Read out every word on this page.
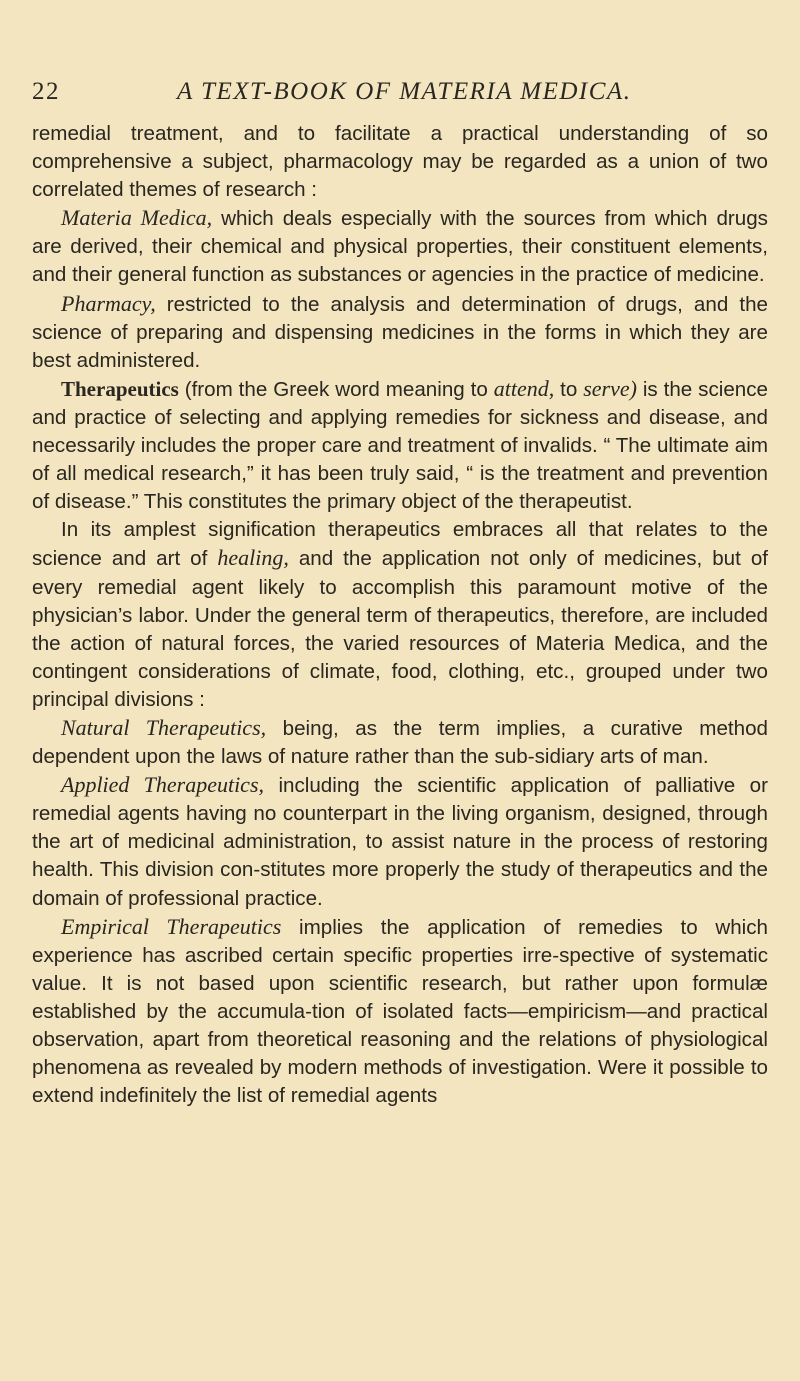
22	A TEXT-BOOK OF MATERIA MEDICA.

remedial treatment, and to facilitate a practical understanding of so comprehensive a subject, pharmacology may be regarded as a union of two correlated themes of research :

Materia Medica, which deals especially with the sources from which drugs are derived, their chemical and physical properties, their constituent elements, and their general function as substances or agencies in the practice of medicine.

Pharmacy, restricted to the analysis and determination of drugs, and the science of preparing and dispensing medicines in the forms in which they are best administered.

Therapeutics (from the Greek word meaning to attend, to serve) is the science and practice of selecting and applying remedies for sickness and disease, and necessarily includes the proper care and treatment of invalids. “ The ultimate aim of all medical research,” it has been truly said, “ is the treatment and prevention of disease.” This constitutes the primary object of the therapeutist.

In its amplest signification therapeutics embraces all that relates to the science and art of healing, and the application not only of medicines, but of every remedial agent likely to accomplish this paramount motive of the physician’s labor. Under the general term of therapeutics, therefore, are included the action of natural forces, the varied resources of Materia Medica, and the contingent considerations of climate, food, clothing, etc., grouped under two principal divisions :

Natural Therapeutics, being, as the term implies, a curative method dependent upon the laws of nature rather than the sub-sidiary arts of man.

Applied Therapeutics, including the scientific application of palliative or remedial agents having no counterpart in the living organism, designed, through the art of medicinal administration, to assist nature in the process of restoring health. This division con-stitutes more properly the study of therapeutics and the domain of professional practice.

Empirical Therapeutics implies the application of remedies to which experience has ascribed certain specific properties irre-spective of systematic value. It is not based upon scientific research, but rather upon formulæ established by the accumula-tion of isolated facts—empiricism—and practical observation, apart from theoretical reasoning and the relations of physiological phenomena as revealed by modern methods of investigation. Were it possible to extend indefinitely the list of remedial agents
